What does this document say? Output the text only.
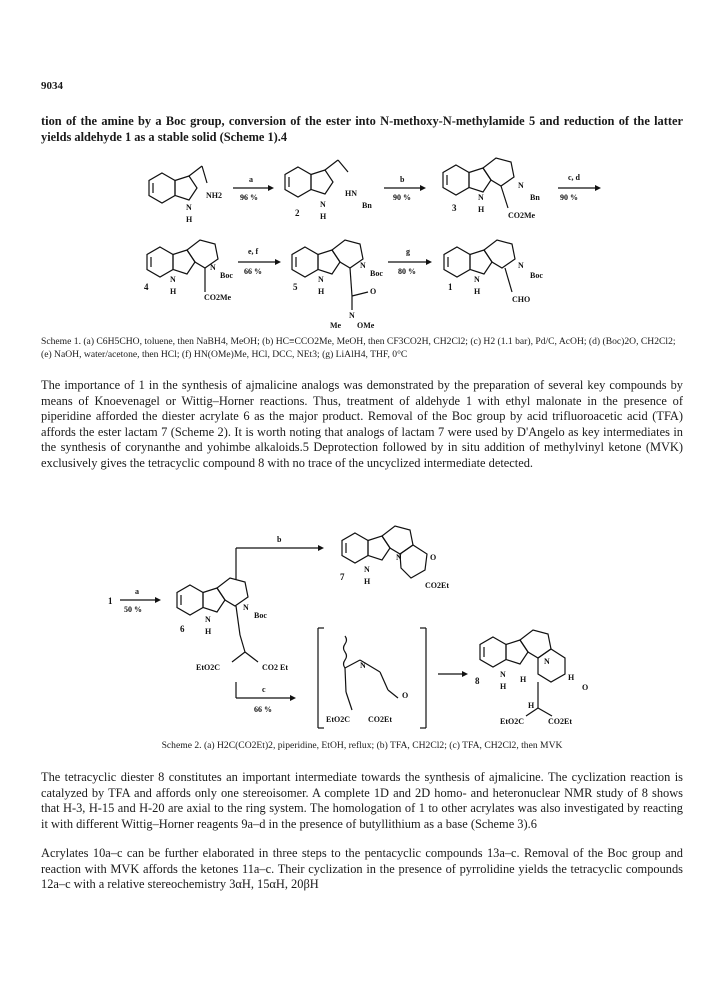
9034
tion of the amine by a Boc group, conversion of the ester into N-methoxy-N-methylamide 5 and reduction of the latter yields aldehyde 1 as a stable solid (Scheme 1).4
NH2
N
H
a
96 %	HN
Bn
2
N
H
b
90 %
N
Bn
3
N
H
CO2Me
c, d
90 %
N
Boc
4
N
H
CO2Me
e, f
66 %
N
Boc
5
N
H	O
N
Me OMe
g
80 %
N
Boc
1
N
H
CHO
Scheme 1. (a) C6H5CHO, toluene, then NaBH4, MeOH; (b) HC≡CCO2Me, MeOH, then CF3CO2H, CH2Cl2; (c) H2 (1.1 bar), Pd/C, AcOH; (d) (Boc)2O, CH2Cl2; (e) NaOH, water/acetone, then HCl; (f) HN(OMe)Me, HCl, DCC, NEt3; (g) LiAlH4, THF, 0°C
The importance of 1 in the synthesis of ajmalicine analogs was demonstrated by the preparation of several key compounds by means of Knoevenagel or Wittig–Horner reactions. Thus, treatment of aldehyde 1 with ethyl malonate in the presence of piperidine afforded the diester acrylate 6 as the major product. Removal of the Boc group by acid trifluoroacetic acid (TFA) affords the ester lactam 7 (Scheme 2). It is worth noting that analogs of lactam 7 were used by D'Angelo as key intermediates in the synthesis of corynanthe and yohimbe alkaloids.5 Deprotection followed by in situ addition of methylvinyl ketone (MVK) exclusively gives the tetracyclic compound 8 with no trace of the uncyclized intermediate detected.
b
O
N
7
N
H	CO2Et
1
a
50 %	N
Boc
6
N
H
EtO2C	CO2 Et
c
66 %
N
O
EtO2C CO2Et
N
8
N
H
H	H
O
H
EtO2C	CO2Et
Scheme 2. (a) H2C(CO2Et)2, piperidine, EtOH, reflux; (b) TFA, CH2Cl2; (c) TFA, CH2Cl2, then MVK
The tetracyclic diester 8 constitutes an important intermediate towards the synthesis of ajmalicine. The cyclization reaction is catalyzed by TFA and affords only one stereoisomer. A complete 1D and 2D homo- and heteronuclear NMR study of 8 shows that H-3, H-15 and H-20 are axial to the ring system. The homologation of 1 to other acrylates was also investigated by reacting it with different Wittig–Horner reagents 9a–d in the presence of butyllithium as a base (Scheme 3).6
Acrylates 10a–c can be further elaborated in three steps to the pentacyclic compounds 13a–c. Removal of the Boc group and reaction with MVK affords the ketones 11a–c. Their cyclization in the presence of pyrrolidine yields the tetracyclic compounds 12a–c with a relative stereochemistry 3αH, 15αH, 20βH
